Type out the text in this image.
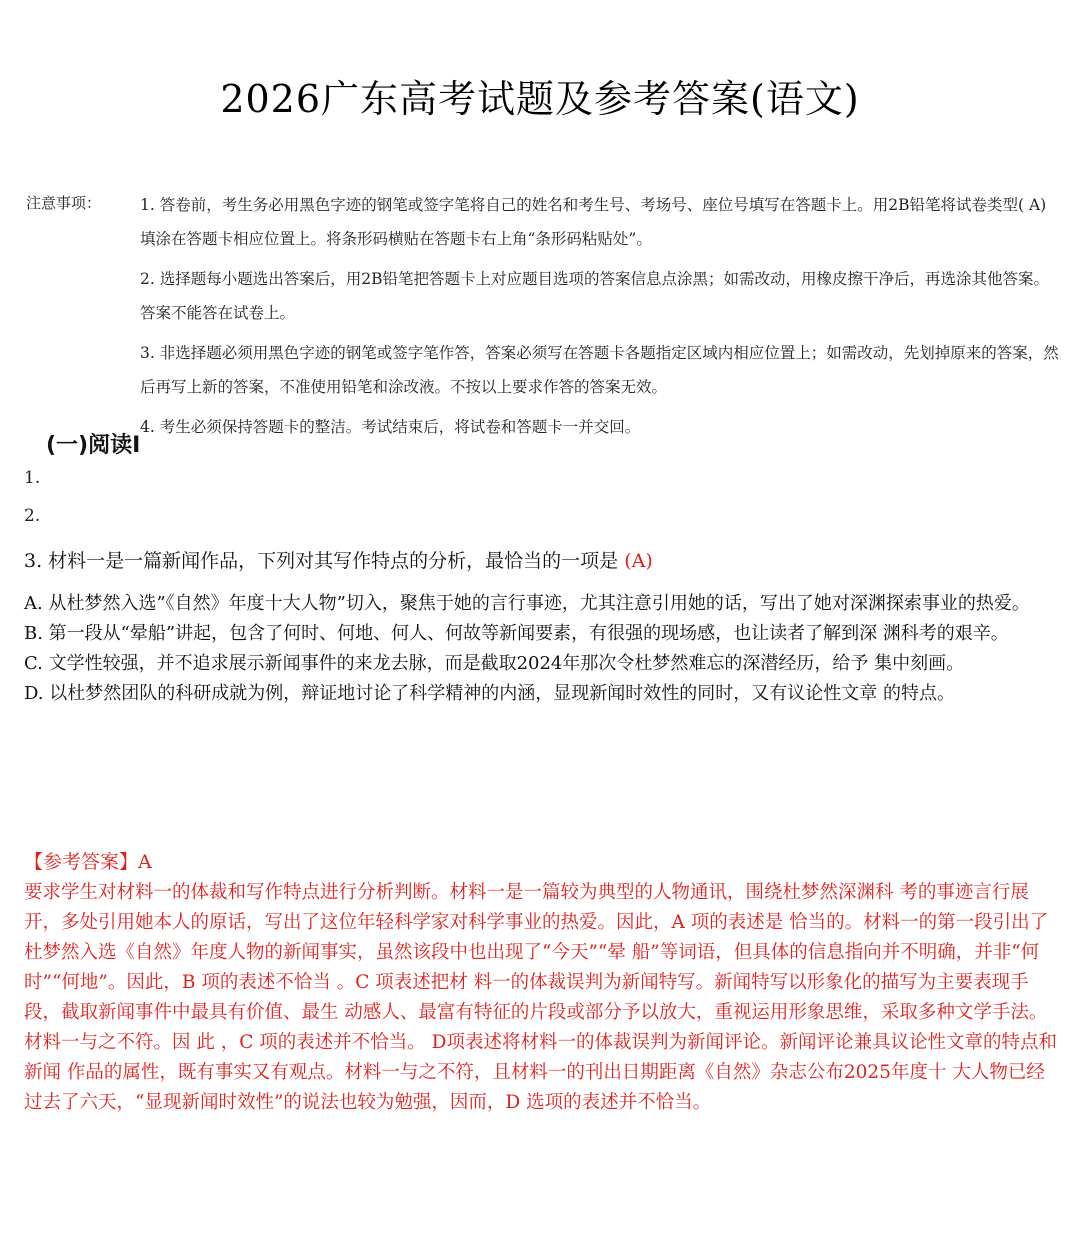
2026广东高考试题及参考答案(语文)
注意事项：	1. 答卷前，考生务必用黑色字迹的钢笔或签字笔将自己的姓名和考生号、考场号、座位号填写在答题卡上。用2B铅笔将试卷类型( A) 填涂在答题卡相应位置上。将条形码横贴在答题卡右上角“条形码粘贴处”。

2. 选择题每小题选出答案后，用2B铅笔把答题卡上对应题目选项的答案信息点涂黑；如需改动，用橡皮擦干净后，再选涂其他答案。答案不能答在试卷上。

3. 非选择题必须用黑色字迹的钢笔或签字笔作答，答案必须写在答题卡各题指定区域内相应位置上；如需改动，先划掉原来的答案，然后再写上新的答案，不准使用铅笔和涂改液。不按以上要求作答的答案无效。

4. 考生必须保持答题卡的整洁。考试结束后，将试卷和答题卡一并交回。

(一)阅读I
1.
2.
3. 材料一是一篇新闻作品，下列对其写作特点的分析，最恰当的一项是 (A)

A. 从杜梦然入选”《自然》年度十大人物”切入，聚焦于她的言行事迹，尤其注意引用她的话，写出了她对深渊探索事业的热爱。

B. 第一段从“晕船”讲起，包含了何时、何地、何人、何故等新闻要素，有很强的现场感，也让读者了解到深 渊科考的艰辛。

C. 文学性较强，并不追求展示新闻事件的来龙去脉，而是截取2024年那次令杜梦然难忘的深潜经历，给予 集中刻画。

D. 以杜梦然团队的科研成就为例，辩证地讨论了科学精神的内涵，显现新闻时效性的同时，又有议论性文章 的特点。

【参考答案】A
要求学生对材料一的体裁和写作特点进行分析判断。材料一是一篇较为典型的人物通讯，围绕杜梦然深渊科 考的事迹言行展开，多处引用她本人的原话，写出了这位年轻科学家对科学事业的热爱。因此，A 项的表述是 恰当的。材料一的第一段引出了杜梦然入选《自然》年度人物的新闻事实，虽然该段中也出现了“今天”“晕 船”等词语，但具体的信息指向并不明确，并非“何时”“何地”。因此，B 项的表述不恰当 。C 项表述把材 料一的体裁误判为新闻特写。新闻特写以形象化的描写为主要表现手段，截取新闻事件中最具有价值、最生 动感人、最富有特征的片段或部分予以放大，重视运用形象思维，采取多种文学手法。材料一与之不符。因 此 ，C 项的表述并不恰当。 D项表述将材料一的体裁误判为新闻评论。新闻评论兼具议论性文章的特点和新闻 作品的属性，既有事实又有观点。材料一与之不符，且材料一的刊出日期距离《自然》杂志公布2025年度十 大人物已经过去了六天，“显现新闻时效性”的说法也较为勉强，因而，D 选项的表述并不恰当。
